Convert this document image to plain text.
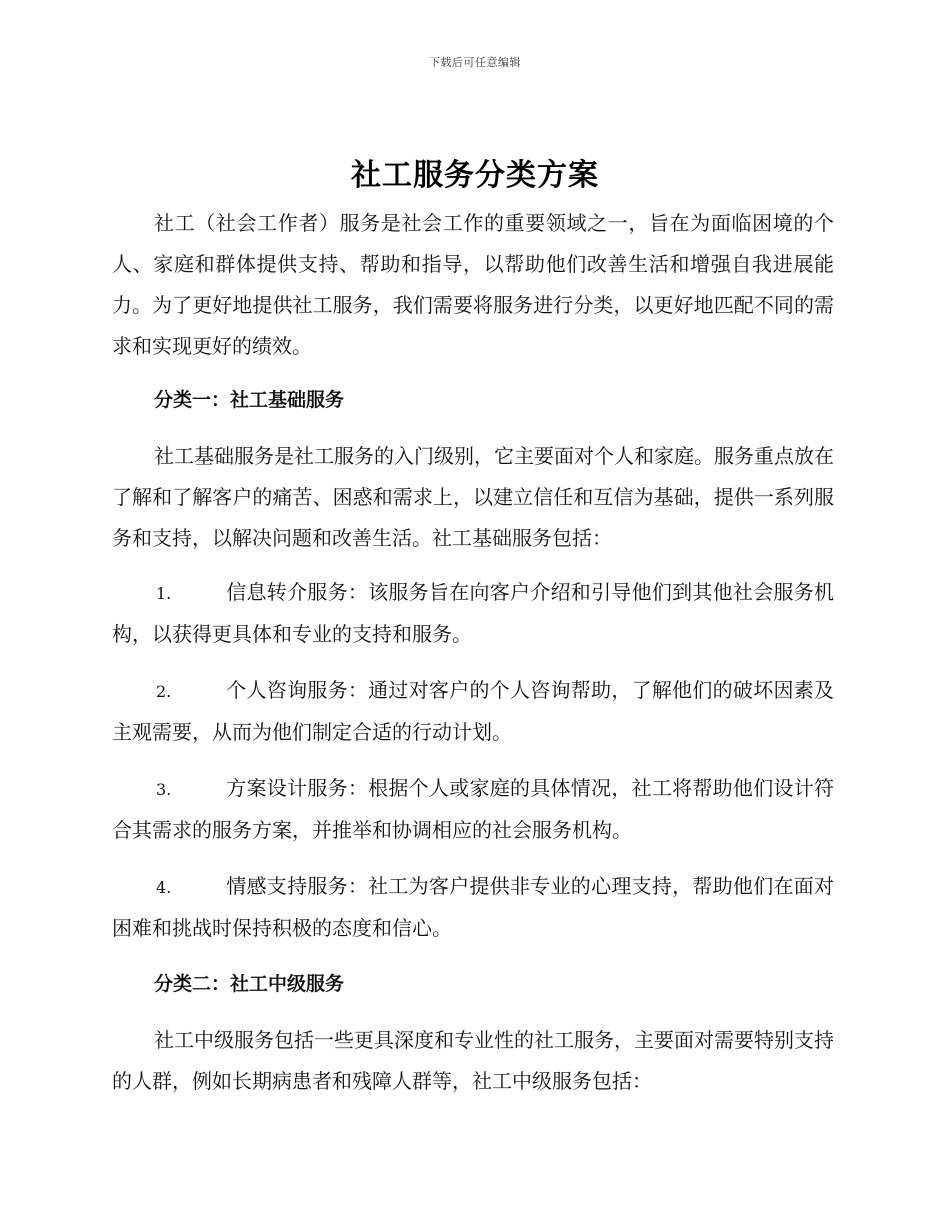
下载后可任意编辑
社工服务分类方案

社工（社会工作者）服务是社会工作的重要领域之一，旨在为面临困境的个人、家庭和群体提供支持、帮助和指导，以帮助他们改善生活和增强自我进展能力。为了更好地提供社工服务，我们需要将服务进行分类，以更好地匹配不同的需求和实现更好的绩效。

分类一：社工基础服务

社工基础服务是社工服务的入门级别，它主要面对个人和家庭。服务重点放在了解和了解客户的痛苦、困惑和需求上，以建立信任和互信为基础，提供一系列服务和支持，以解决问题和改善生活。社工基础服务包括：

1.	信息转介服务：该服务旨在向客户介绍和引导他们到其他社会服务机构，以获得更具体和专业的支持和服务。
2.	个人咨询服务：通过对客户的个人咨询帮助，了解他们的破坏因素及主观需要，从而为他们制定合适的行动计划。
3.	方案设计服务：根据个人或家庭的具体情况，社工将帮助他们设计符合其需求的服务方案，并推举和协调相应的社会服务机构。
4.	情感支持服务：社工为客户提供非专业的心理支持，帮助他们在面对困难和挑战时保持积极的态度和信心。
分类二：社工中级服务

社工中级服务包括一些更具深度和专业性的社工服务，主要面对需要特别支持的人群，例如长期病患者和残障人群等，社工中级服务包括：
